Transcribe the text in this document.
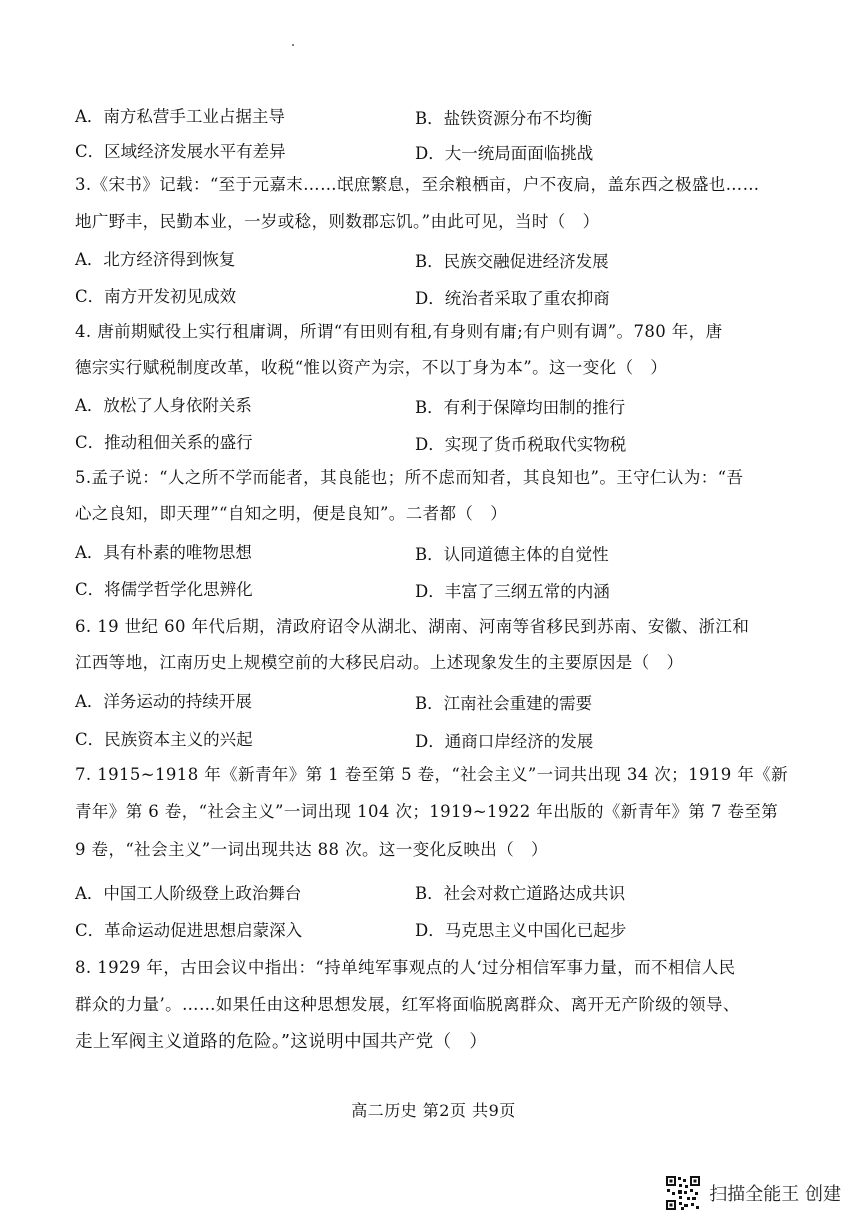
A．南方私营手工业占据主导	B．盐铁资源分布不均衡
C．区域经济发展水平有差异	D．大一统局面面临挑战
3.《宋书》记载：“至于元嘉末……氓庶繁息，至余粮栖亩，户不夜扃，盖东西之极盛也……
地广野丰，民勤本业，一岁或稔，则数郡忘饥。”由此可见，当时（　）
A．北方经济得到恢复	B．民族交融促进经济发展
C．南方开发初见成效	D．统治者采取了重农抑商
4. 唐前期赋役上实行租庸调，所谓“有田则有租,有身则有庸;有户则有调”。780 年，唐
德宗实行赋税制度改革，收税“惟以资产为宗，不以丁身为本”。这一变化（　）
A．放松了人身依附关系	B．有利于保障均田制的推行
C．推动租佃关系的盛行	D．实现了货币税取代实物税
5.孟子说：“人之所不学而能者，其良能也；所不虑而知者，其良知也”。王守仁认为：“吾
心之良知，即天理”“自知之明，便是良知”。二者都（　）
A．具有朴素的唯物思想	B．认同道德主体的自觉性
C．将儒学哲学化思辨化	D．丰富了三纲五常的内涵
6. 19 世纪 60 年代后期，清政府诏令从湖北、湖南、河南等省移民到苏南、安徽、浙江和
江西等地，江南历史上规模空前的大移民启动。上述现象发生的主要原因是（　）
A．洋务运动的持续开展	B．江南社会重建的需要
C．民族资本主义的兴起	D．通商口岸经济的发展
7. 1915~1918 年《新青年》第 1 卷至第 5 卷，“社会主义”一词共出现 34 次；1919 年《新
青年》第 6 卷，“社会主义”一词出现 104 次；1919~1922 年出版的《新青年》第 7 卷至第
9 卷，“社会主义”一词出现共达 88 次。这一变化反映出（　）
A．中国工人阶级登上政治舞台	B．社会对救亡道路达成共识
C．革命运动促进思想启蒙深入	D．马克思主义中国化已起步
8. 1929 年，古田会议中指出：“持单纯军事观点的人‘过分相信军事力量，而不相信人民
群众的力量’。……如果任由这种思想发展，红军将面临脱离群众、离开无产阶级的领导、
走上军阀主义道路的危险。”这说明中国共产党（　）
高二历史 第2页 共9页
扫描全能王 创建
